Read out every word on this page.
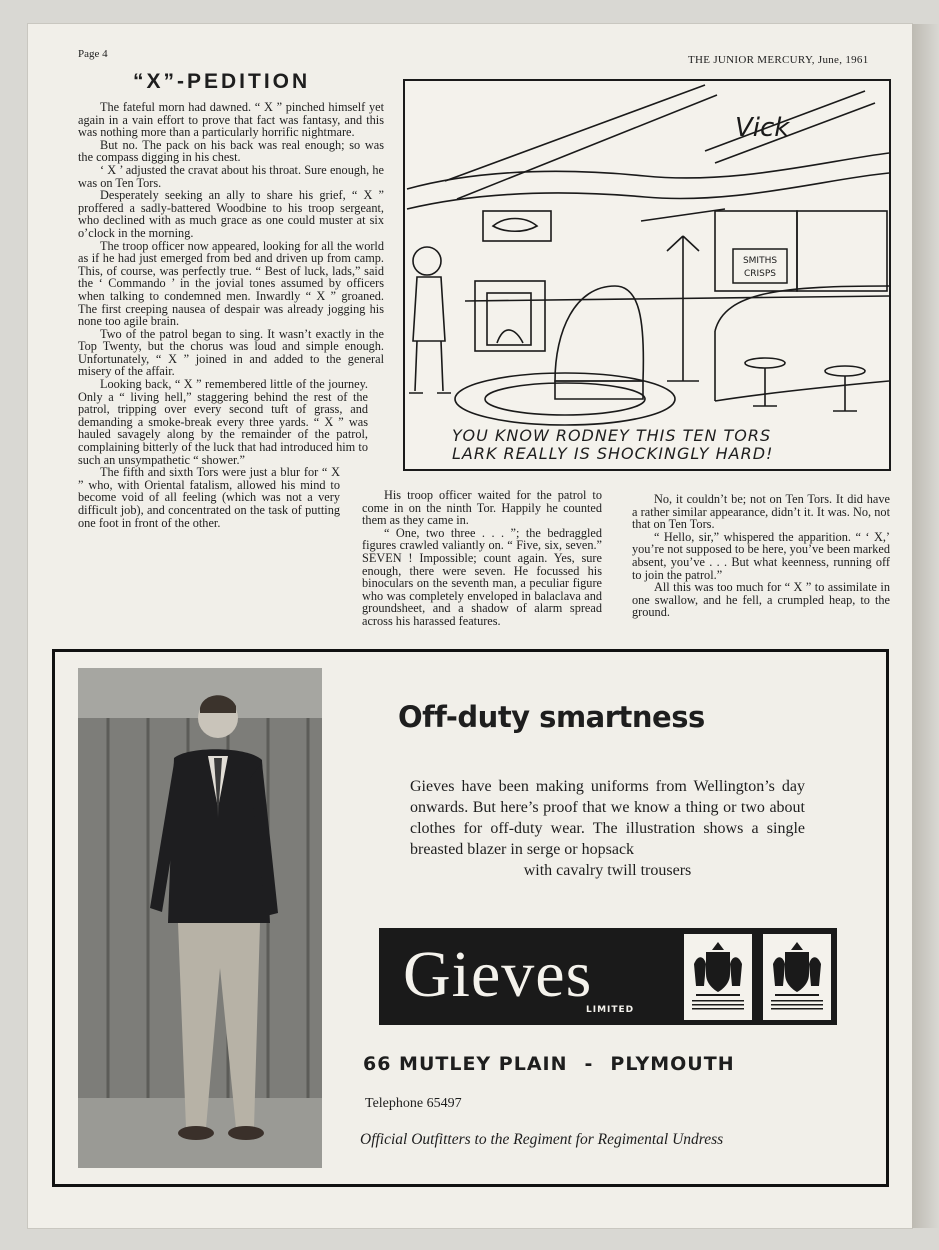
Page 4	THE JUNIOR MERCURY, June, 1961
“X”-PEDITION

The fateful morn had dawned. “ X ” pinched himself yet again in a vain effort to prove that fact was fantasy, and this was nothing more than a particularly horrific nightmare.

But no. The pack on his back was real enough; so was the compass digging in his chest.

‘ X ’ adjusted the cravat about his throat. Sure enough, he was on Ten Tors.

Desperately seeking an ally to share his grief, “ X ” proffered a sadly-battered Woodbine to his troop sergeant, who declined with as much grace as one could muster at six o’clock in the morning.

The troop officer now appeared, looking for all the world as if he had just emerged from bed and driven up from camp. This, of course, was perfectly true. “ Best of luck, lads,” said the ‘ Commando ’ in the jovial tones assumed by officers when talking to condemned men. Inwardly “ X ” groaned. The first creeping nausea of despair was already jogging his none too agile brain.

Two of the patrol began to sing. It wasn’t exactly in the Top Twenty, but the chorus was loud and simple enough. Unfortunately, “ X ” joined in and added to the general misery of the affair.

Looking back, “ X ” remembered little of the journey. Only a “ living hell,” staggering behind the rest of the patrol, tripping over every second tuft of grass, and demanding a smoke-break every three yards. “ X ” was hauled savagely along by the remainder of the patrol, complaining bitterly of the luck that had introduced him to such an unsympathetic “ shower.”

The fifth and sixth Tors were just a blur for “ X ” who, with Oriental fatalism, allowed his mind to become void of all feeling (which was not a very difficult job), and concentrated on the task of putting one foot in front of the other.

His troop officer waited for the patrol to come in on the ninth Tor. Happily he counted them as they came in.

“ One, two three . . . ”; the bedraggled figures crawled valiantly on. “ Five, six, seven.” SEVEN ! Impossible; count again. Yes, sure enough, there were seven. He focussed his binoculars on the seventh man, a peculiar figure who was completely enveloped in balaclava and groundsheet, and a shadow of alarm spread across his harassed features.

No, it couldn’t be; not on Ten Tors. It did have a rather similar appearance, didn’t it. It was. No, not that on Ten Tors.

“ Hello, sir,” whispered the apparition. “ ‘ X,’ you’re not supposed to be here, you’ve been marked absent, you’ve . . . But what keenness, running off to join the patrol.”

All this was too much for “ X ” to assimilate in one swallow, and he fell, a crumpled heap, to the ground.

SMITHS
CRISPS
Vick
YOU KNOW RODNEY THIS TEN TORS
LARK REALLY IS SHOCKINGLY HARD!
Off-duty smartness

Gieves have been making uniforms from Wellington’s day onwards. But here’s proof that we know a thing or two about clothes for off-duty wear. The illustration shows a single breasted blazer in serge or hopsack
with cavalry twill trousers

Gieves
LIMITED
66 MUTLEY PLAIN - PLYMOUTH
Telephone 65497
Official Outfitters to the Regiment for Regimental Undress
